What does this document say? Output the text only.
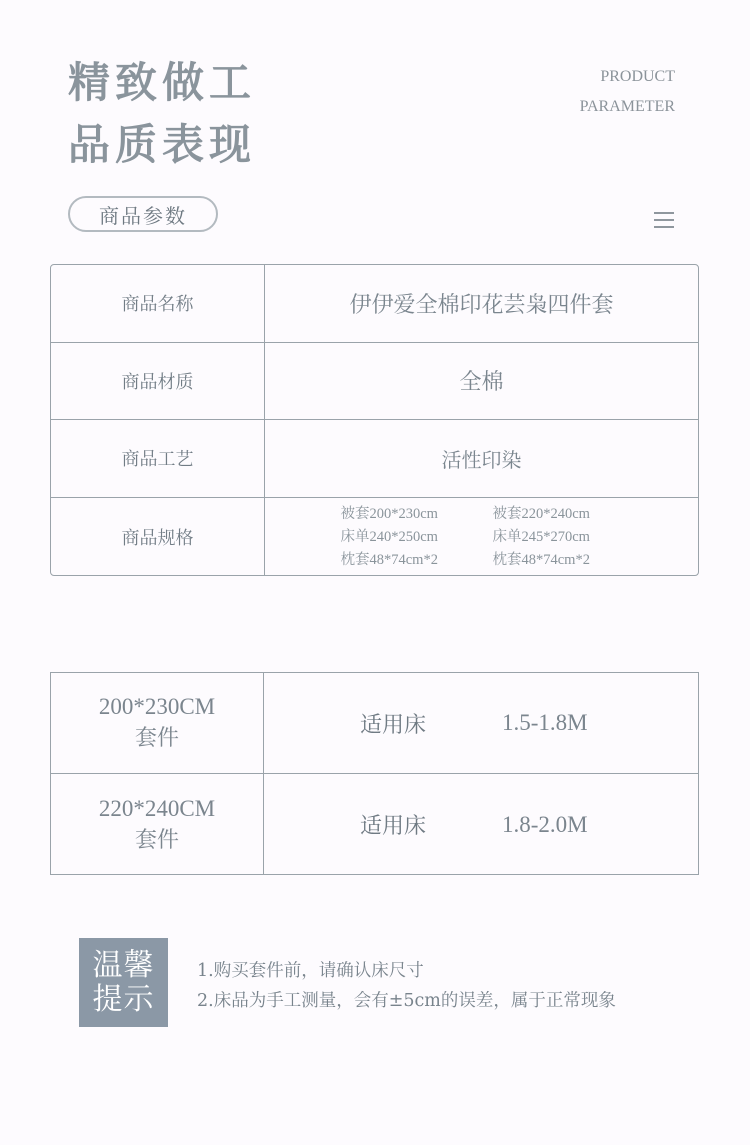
精致做工
品质表现
PRODUCT
PARAMETER
商品参数
商品名称	伊伊爱全棉印花芸枭四件套
商品材质	全棉
商品工艺	活性印染
商品规格
被套200*230cm	被套220*240cm
床单240*250cm	床单245*270cm
枕套48*74cm*2	枕套48*74cm*2
200*230CM
套件
适用床	1.5-1.8M
220*240CM
套件
适用床	1.8-2.0M
温馨
提示
1.购买套件前，请确认床尺寸
2.床品为手工测量，会有±5cm的误差，属于正常现象
